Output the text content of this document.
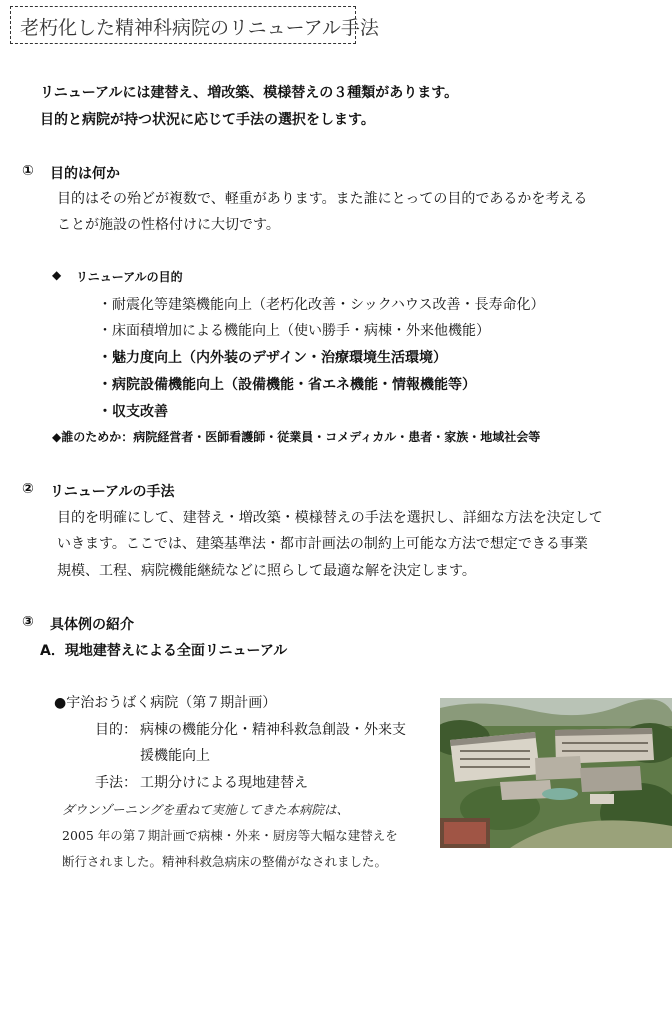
老朽化した精神科病院のリニューアル手法
リニューアルには建替え、増改築、模様替えの３種類があります。
目的と病院が持つ状況に応じて手法の選択をします。
① 目的は何か
目的はその殆どが複数で、軽重があります。また誰にとっての目的であるかを考える
ことが施設の性格付けに大切です。
◆ リニューアルの目的
・耐震化等建築機能向上（老朽化改善・シックハウス改善・長寿命化）
・床面積増加による機能向上（使い勝手・病棟・外来他機能）
・魅力度向上（内外装のデザイン・治療環境生活環境）
・病院設備機能向上（設備機能・省エネ機能・情報機能等）
・収支改善
◆誰のためか：病院経営者・医師看護師・従業員・コメディカル・患者・家族・地域社会等
② リニューアルの手法
目的を明確にして、建替え・増改築・模様替えの手法を選択し、詳細な方法を決定して
いきます。ここでは、建築基準法・都市計画法の制約上可能な方法で想定できる事業
規模、工程、病院機能継続などに照らして最適な解を決定します。
③ 具体例の紹介
A．現地建替えによる全面リニューアル
●宇治おうばく病院（第７期計画）
目的： 病棟の機能分化・精神科救急創設・外来支
援機能向上
手法： 工期分けによる現地建替え
ダウンゾーニングを重ねて実施してきた本病院は、
2005 年の第７期計画で病棟・外来・厨房等大幅な建替えを
断行されました。精神科救急病床の整備がなされました。
